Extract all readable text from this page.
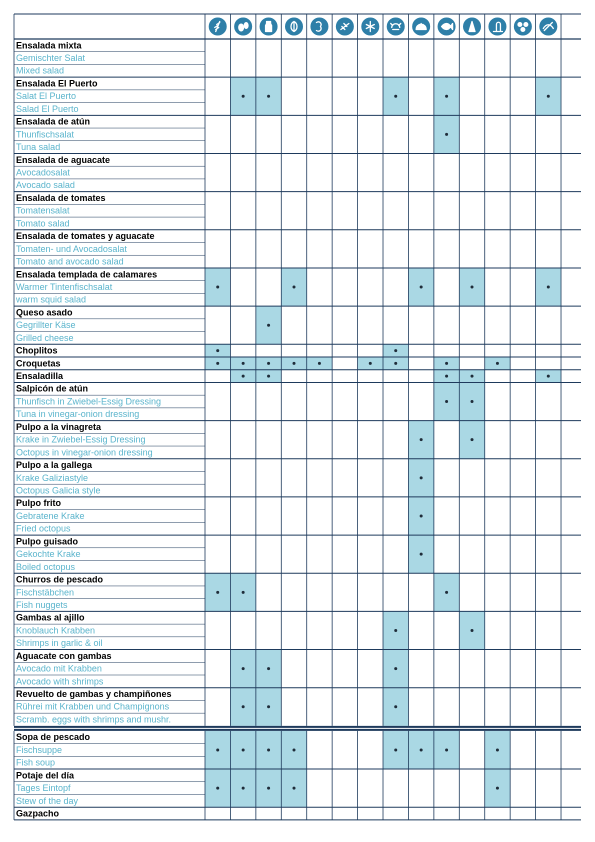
Ensalada mixta
Gemischter Salat
Mixed salad
Ensalada El Puerto
Salat El Puerto
Salad El Puerto
Ensalada de atún
Thunfischsalat
Tuna salad
Ensalada de aguacate
Avocadosalat
Avocado salad
Ensalada de tomates
Tomatensalat
Tomato salad
Ensalada de tomates y aguacate
Tomaten- und Avocadosalat
Tomato and avocado salad
Ensalada templada de calamares
Warmer Tintenfischsalat
warm squid salad
Queso asado
Gegrillter Käse
Grilled cheese
Choplitos
Croquetas
Ensaladilla
Salpicón de atún
Thunfisch in Zwiebel-Essig Dressing
Tuna in vinegar-onion dressing
Pulpo a la vinagreta
Krake in Zwiebel-Essig Dressing
Octopus in vinegar-onion dressing
Pulpo a la gallega
Krake Galiziastyle
Octopus Galicia style
Pulpo frito
Gebratene Krake
Fried octopus
Pulpo guisado
Gekochte Krake
Boiled octopus
Churros de pescado
Fischstäbchen
Fish nuggets
Gambas al ajillo
Knoblauch Krabben
Shrimps in garlic & oil
Aguacate con gambas
Avocado mit Krabben
Avocado with shrimps
Revuelto de gambas y champiñones
Rührei mit Krabben und Champignons
Scramb. eggs with shrimps and mushr.
Sopa de pescado
Fischsuppe
Fish soup
Potaje del día
Tages Eintopf
Stew of the day
Gazpacho
